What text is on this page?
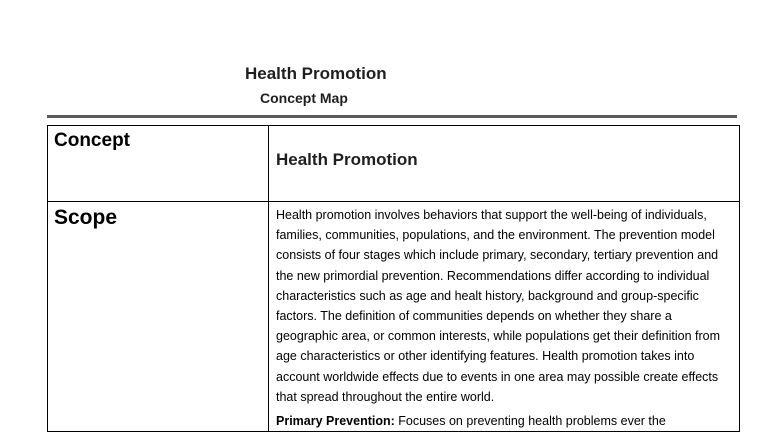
Health Promotion
Concept Map
Concept	Health Promotion

Scope	Health promotion involves behaviors that support the well-being of individuals, families, communities, populations, and the environment. The prevention model consists of four stages which include primary, secondary, tertiary prevention and the new primordial prevention. Recommendations differ according to individual characteristics such as age and healt history, background and group-specific factors. The definition of communities depends on whether they share a geographic area, or common interests, while populations get their definition from age characteristics or other identifying features. Health promotion takes into account worldwide effects due to events in one area may possible create effects that spread throughout the entire world.
Primary Prevention: Focuses on preventing health problems ever the
